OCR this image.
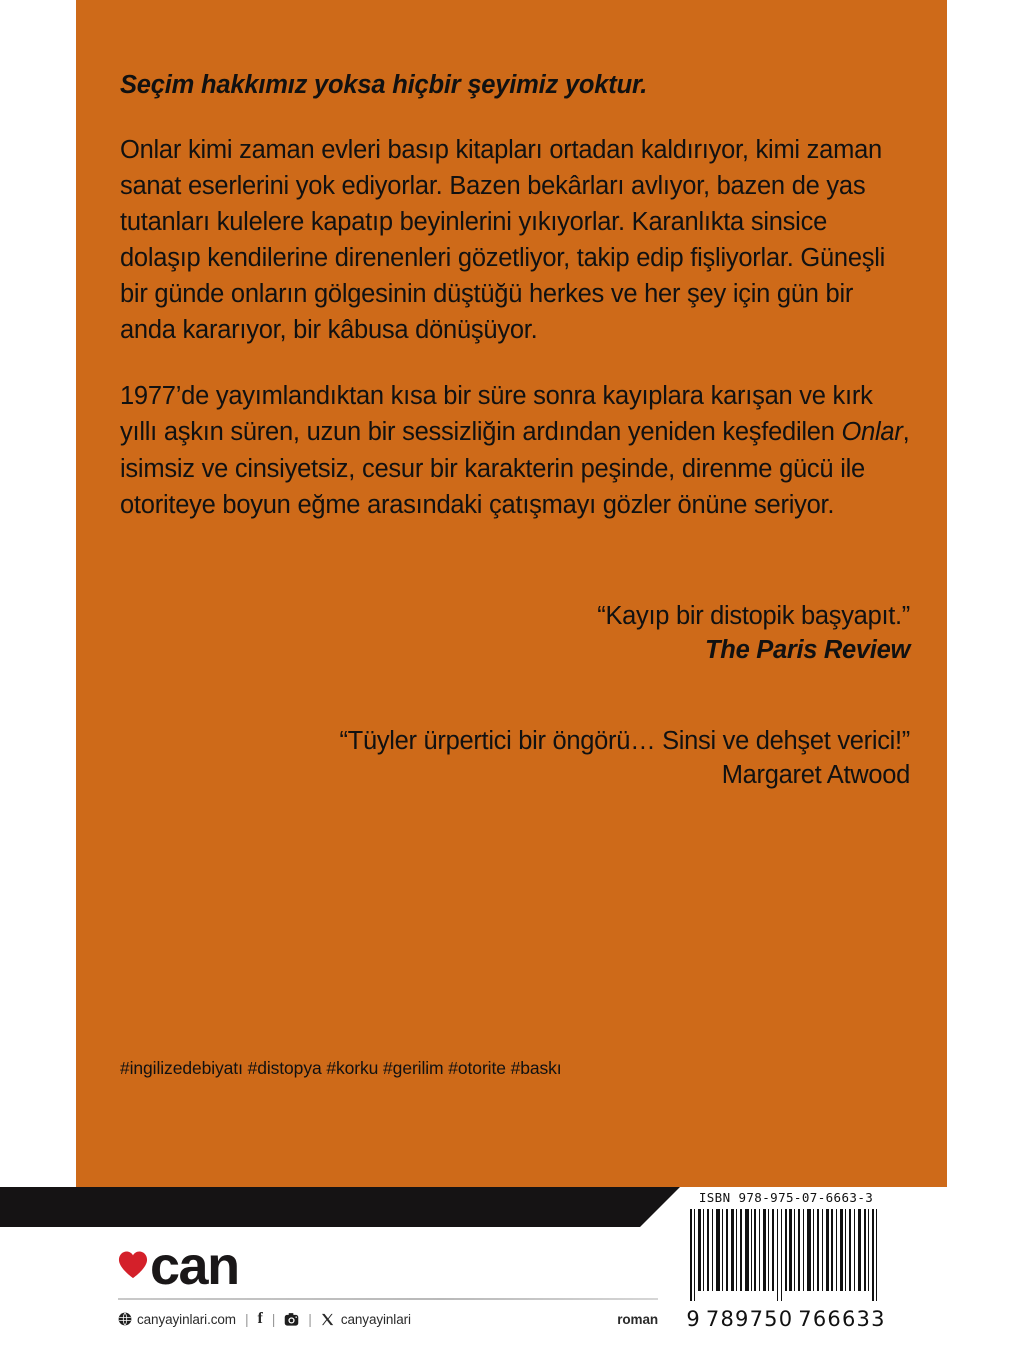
Seçim hakkımız yoksa hiçbir şeyimiz yoktur.
Onlar kimi zaman evleri basıp kitapları ortadan kaldırıyor, kimi zaman sanat eserlerini yok ediyorlar. Bazen bekârları avlıyor, bazen de yas tutanları kulelere kapatıp beyinlerini yıkıyorlar. Karanlıkta sinsice dolaşıp kendilerine direnenleri gözetliyor, takip edip fişliyorlar. Güneşli bir günde onların gölgesinin düştüğü herkes ve her şey için gün bir anda kararıyor, bir kâbusa dönüşüyor.
1977’de yayımlandıktan kısa bir süre sonra kayıplara karışan ve kırk yıllı aşkın süren, uzun bir sessizliğin ardından yeniden keşfedilen Onlar, isimsiz ve cinsiyetsiz, cesur bir karakterin peşinde, direnme gücü ile otoriteye boyun eğme arasındaki çatışmayı gözler önüne seriyor.
“Kayıp bir distopik başyapıt.”
The Paris Review
“Tüyler ürpertici bir öngörü… Sinsi ve dehşet verici!”
Margaret Atwood
#ingilizedebiyatı #distopya #korku #gerilim #otorite #baskı
can
canyayinlari.com | f | | canyayinlari	roman
ISBN 978-975-07-6663-3
9 789750 766633
